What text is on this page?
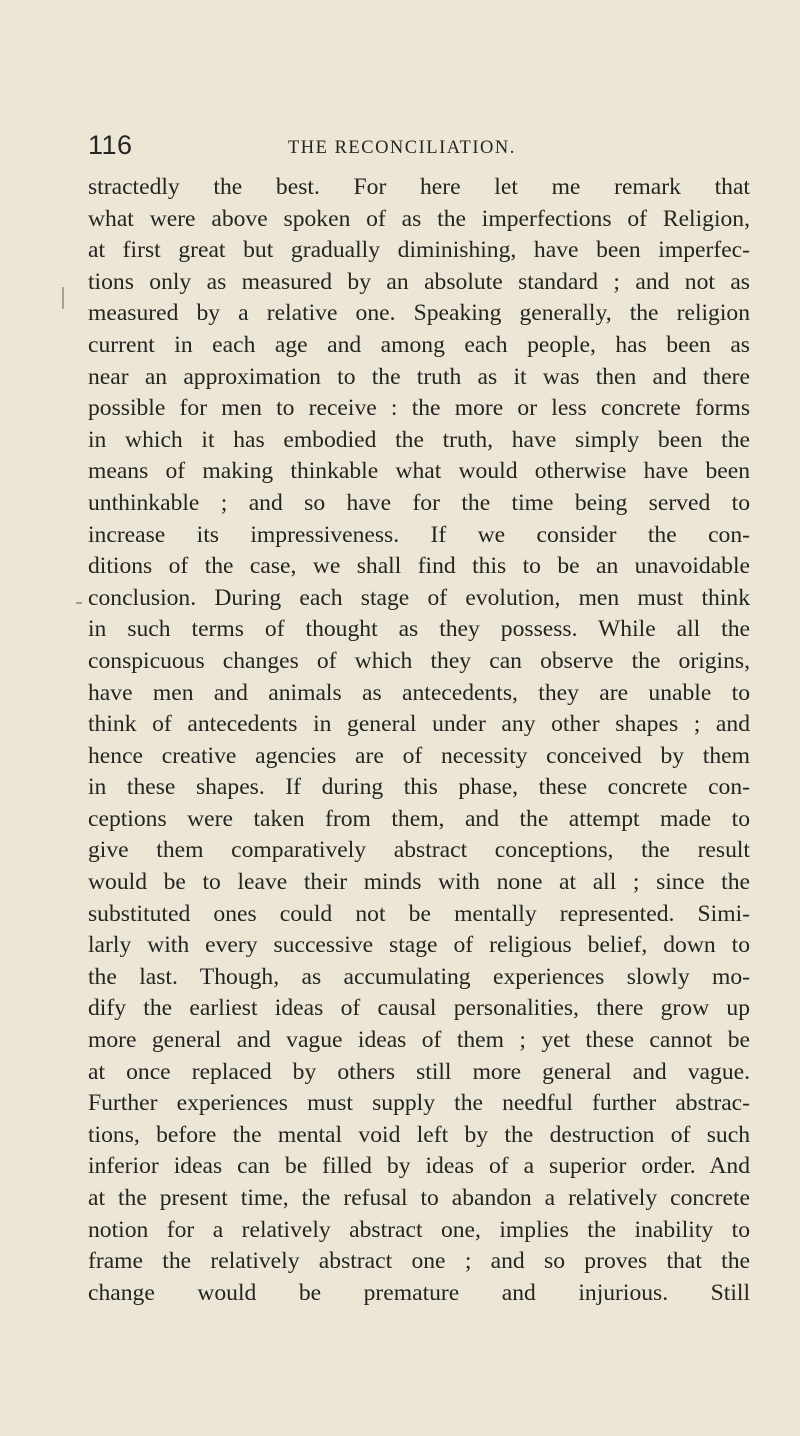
116	THE RECONCILIATION.
stractedly the best. For here let me remark that
what were above spoken of as the imperfections of Religion,
at first great but gradually diminishing, have been imperfec-
tions only as measured by an absolute standard ; and not as
measured by a relative one. Speaking generally, the religion
current in each age and among each people, has been as
near an approximation to the truth as it was then and there
possible for men to receive : the more or less concrete forms
in which it has embodied the truth, have simply been the
means of making thinkable what would otherwise have been
unthinkable ; and so have for the time being served to
increase its impressiveness. If we consider the con-
ditions of the case, we shall find this to be an unavoidable
conclusion. During each stage of evolution, men must think
in such terms of thought as they possess. While all the
conspicuous changes of which they can observe the origins,
have men and animals as antecedents, they are unable to
think of antecedents in general under any other shapes ; and
hence creative agencies are of necessity conceived by them
in these shapes. If during this phase, these concrete con-
ceptions were taken from them, and the attempt made to
give them comparatively abstract conceptions, the result
would be to leave their minds with none at all ; since the
substituted ones could not be mentally represented. Simi-
larly with every successive stage of religious belief, down to
the last. Though, as accumulating experiences slowly mo-
dify the earliest ideas of causal personalities, there grow up
more general and vague ideas of them ; yet these cannot be
at once replaced by others still more general and vague.
Further experiences must supply the needful further abstrac-
tions, before the mental void left by the destruction of such
inferior ideas can be filled by ideas of a superior order. And
at the present time, the refusal to abandon a relatively concrete
notion for a relatively abstract one, implies the inability to
frame the relatively abstract one ; and so proves that the
change would be premature and injurious. Still
